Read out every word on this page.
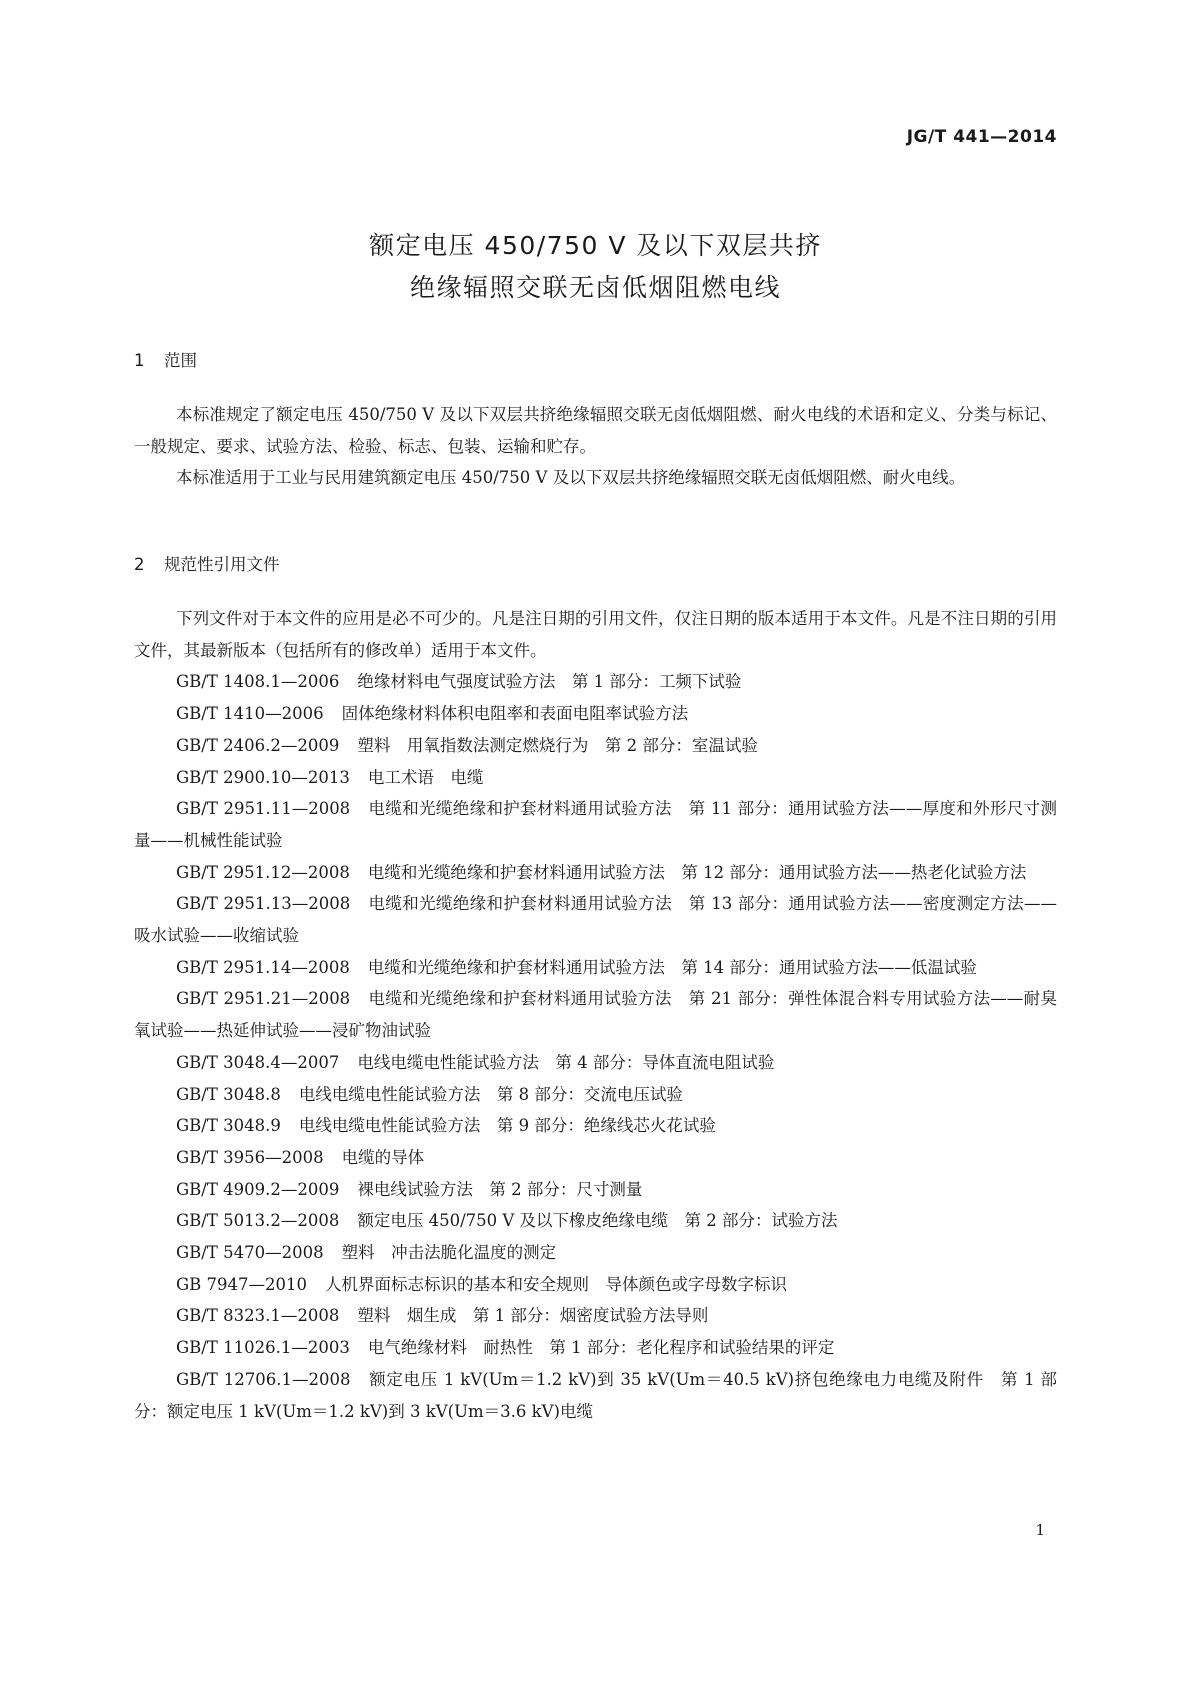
JG/T 441—2014
额定电压 450/750 V 及以下双层共挤
绝缘辐照交联无卤低烟阻燃电线
1 范围

本标准规定了额定电压 450/750 V 及以下双层共挤绝缘辐照交联无卤低烟阻燃、耐火电线的术语和定义、分类与标记、一般规定、要求、试验方法、检验、标志、包装、运输和贮存。

本标准适用于工业与民用建筑额定电压 450/750 V 及以下双层共挤绝缘辐照交联无卤低烟阻燃、耐火电线。

2 规范性引用文件

下列文件对于本文件的应用是必不可少的。凡是注日期的引用文件，仅注日期的版本适用于本文件。凡是不注日期的引用文件，其最新版本（包括所有的修改单）适用于本文件。

GB/T 1408.1—2006 绝缘材料电气强度试验方法　第 1 部分：工频下试验

GB/T 1410—2006 固体绝缘材料体积电阻率和表面电阻率试验方法

GB/T 2406.2—2009 塑料　用氧指数法测定燃烧行为　第 2 部分：室温试验

GB/T 2900.10—2013 电工术语　电缆

GB/T 2951.11—2008 电缆和光缆绝缘和护套材料通用试验方法　第 11 部分：通用试验方法——厚度和外形尺寸测量——机械性能试验

GB/T 2951.12—2008 电缆和光缆绝缘和护套材料通用试验方法　第 12 部分：通用试验方法——热老化试验方法

GB/T 2951.13—2008 电缆和光缆绝缘和护套材料通用试验方法　第 13 部分：通用试验方法——密度测定方法——吸水试验——收缩试验

GB/T 2951.14—2008 电缆和光缆绝缘和护套材料通用试验方法　第 14 部分：通用试验方法——低温试验

GB/T 2951.21—2008 电缆和光缆绝缘和护套材料通用试验方法　第 21 部分：弹性体混合料专用试验方法——耐臭氧试验——热延伸试验——浸矿物油试验

GB/T 3048.4—2007 电线电缆电性能试验方法　第 4 部分：导体直流电阻试验

GB/T 3048.8 电线电缆电性能试验方法　第 8 部分：交流电压试验

GB/T 3048.9 电线电缆电性能试验方法　第 9 部分：绝缘线芯火花试验

GB/T 3956—2008 电缆的导体

GB/T 4909.2—2009 裸电线试验方法　第 2 部分：尺寸测量

GB/T 5013.2—2008 额定电压 450/750 V 及以下橡皮绝缘电缆　第 2 部分：试验方法

GB/T 5470—2008 塑料　冲击法脆化温度的测定

GB 7947—2010 人机界面标志标识的基本和安全规则　导体颜色或字母数字标识

GB/T 8323.1—2008 塑料　烟生成　第 1 部分：烟密度试验方法导则

GB/T 11026.1—2003 电气绝缘材料　耐热性　第 1 部分：老化程序和试验结果的评定

GB/T 12706.1—2008 额定电压 1 kV(Um＝1.2 kV)到 35 kV(Um＝40.5 kV)挤包绝缘电力电缆及附件　第 1 部分：额定电压 1 kV(Um＝1.2 kV)到 3 kV(Um＝3.6 kV)电缆

1
